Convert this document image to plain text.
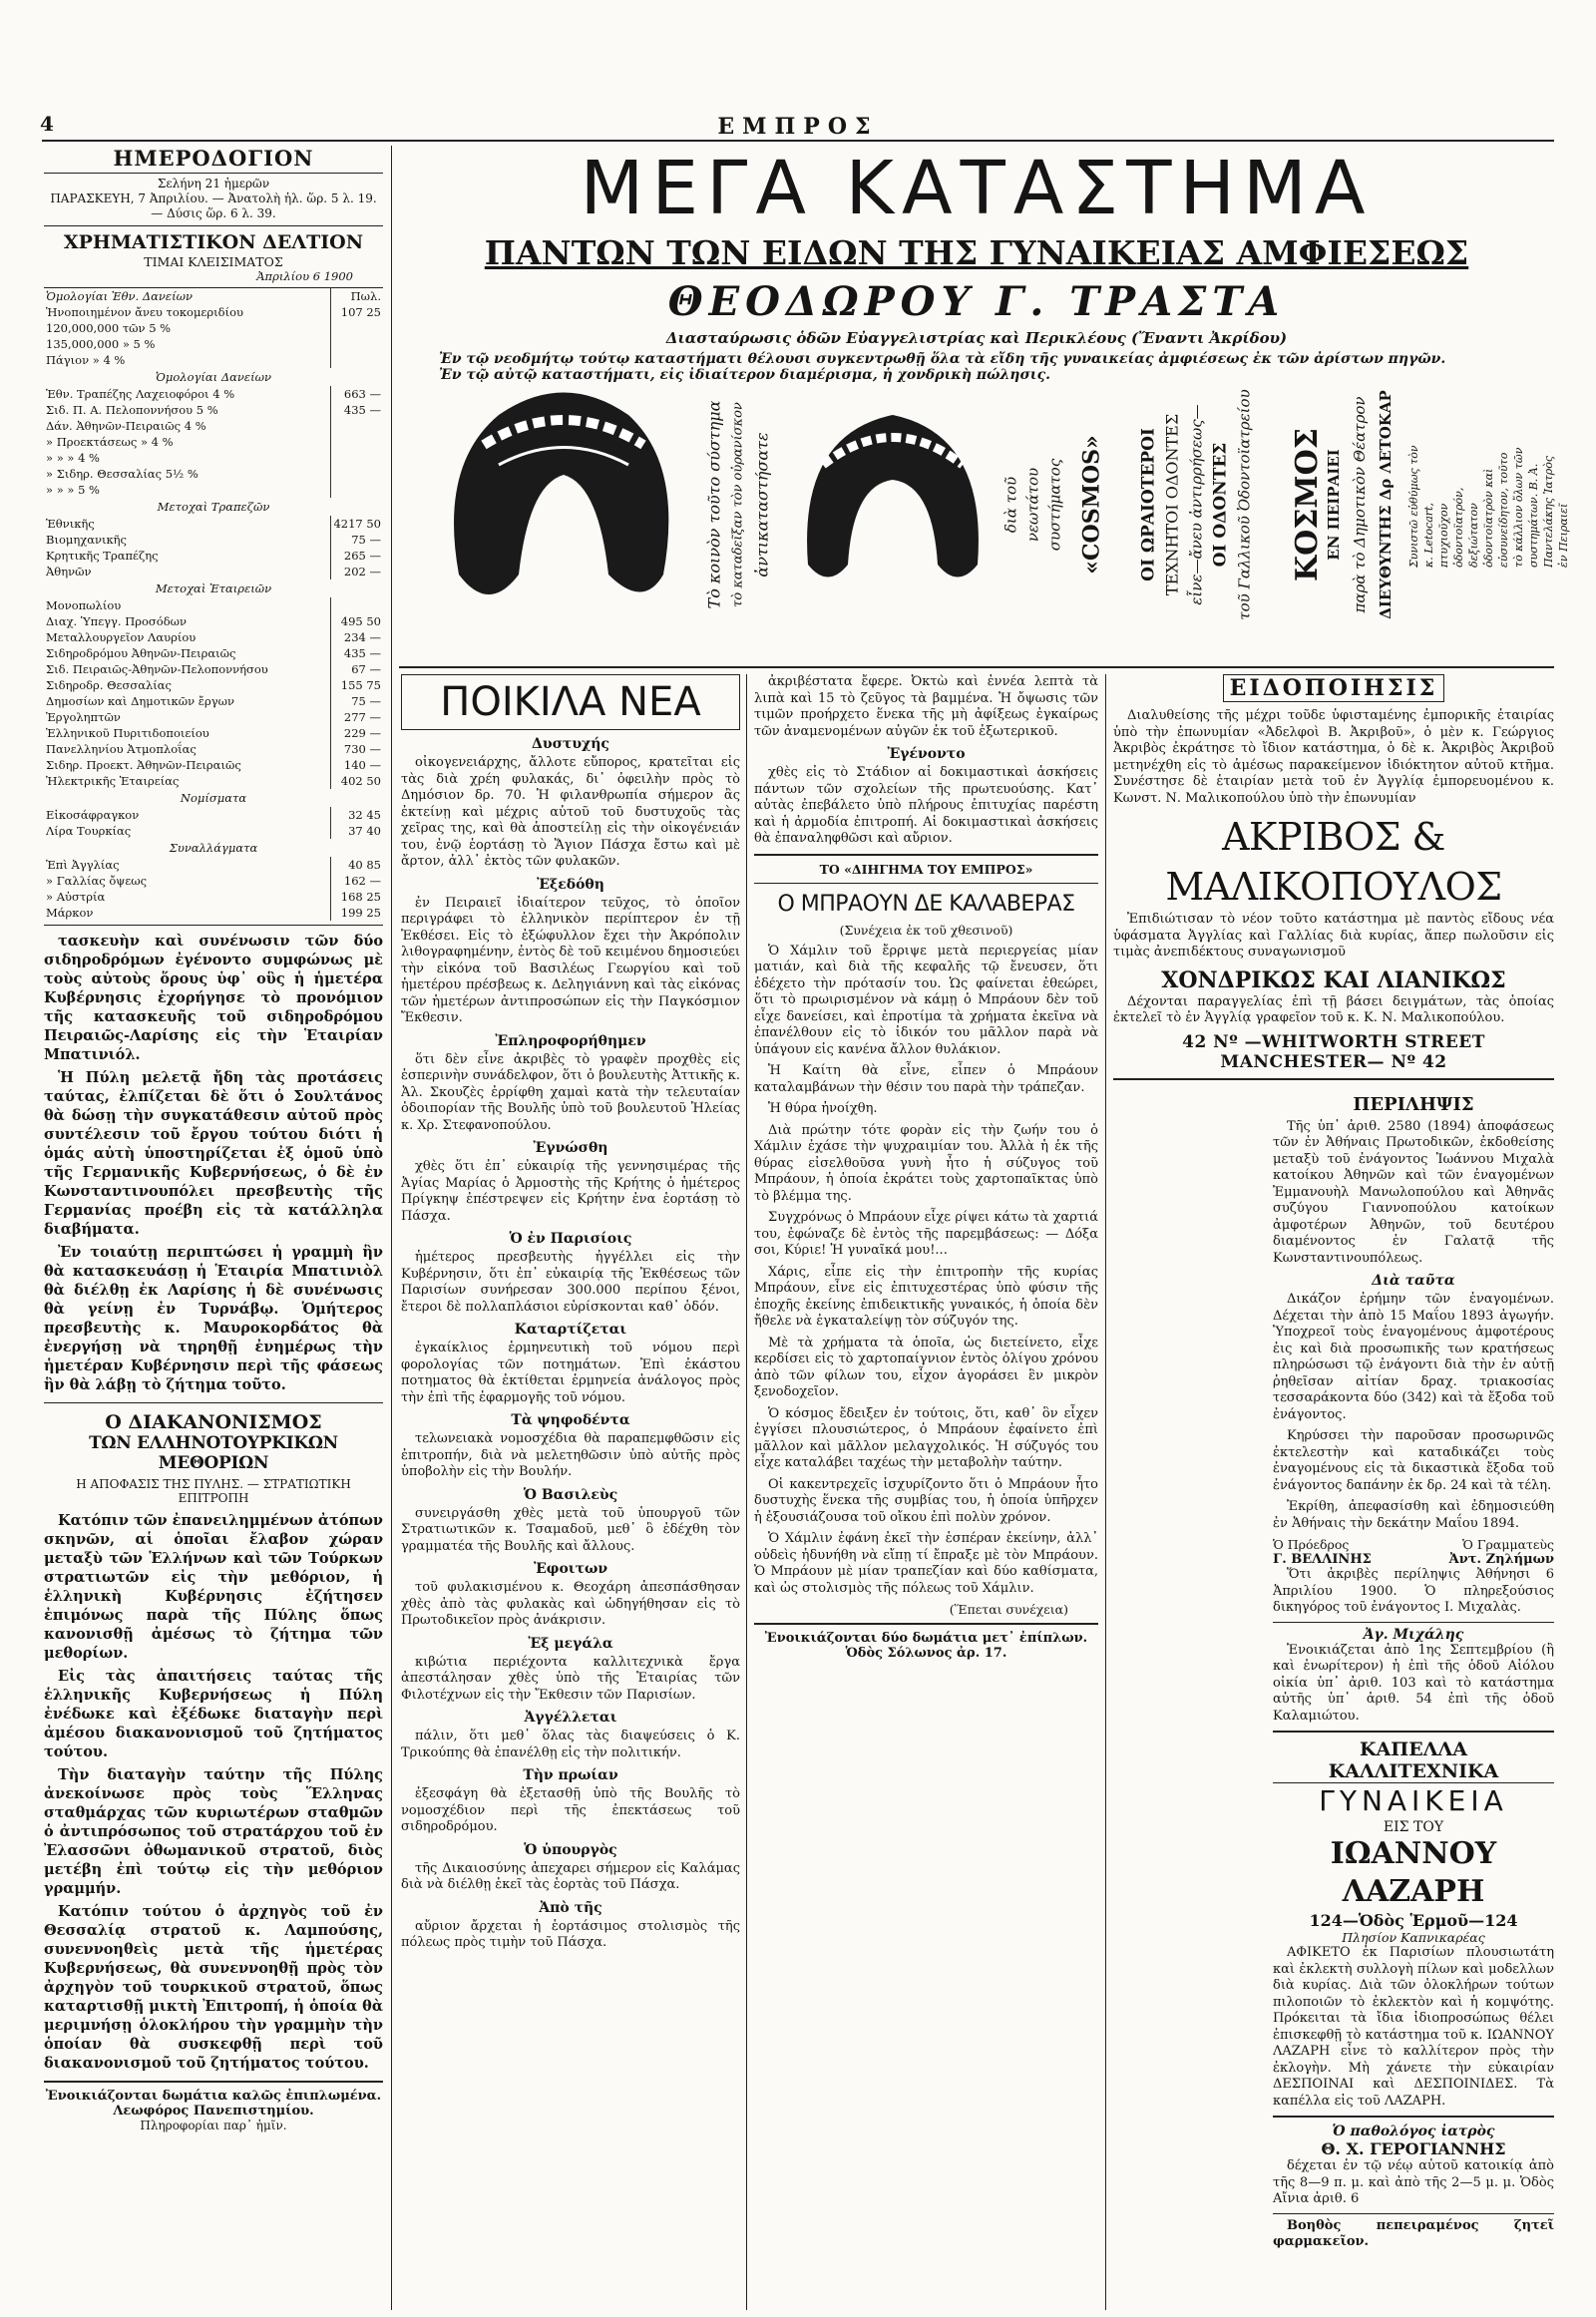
4	ΕΜΠΡΟΣ
ΗΜΕΡΟΔΟΓΙΟΝ
Σελήνη 21 ἡμερῶν
ΠΑΡΑΣΚΕΥΗ, 7 Ἀπριλίου. — Ἀνατολὴ ἡλ. ὥρ. 5 λ. 19. — Δύσις ὥρ. 6 λ. 39.
ΧΡΗΜΑΤΙΣΤΙΚΟΝ ΔΕΛΤΙΟΝ
ΤΙΜΑΙ ΚΛΕΙΣΙΜΑΤΟΣ
Ἀπριλίου 6 1900
Ὁμολογίαι Ἐθν. Δανείων	Πωλ.
Ἡνοποιημένον ἄνευ τοκομεριδίου	107 25
120,000,000 τῶν 5 %	
135,000,000 » 5 %	
Πάγιον » 4 %	
Ὁμολογίαι Δανείων
Ἐθν. Τραπέζης Λαχειοφόροι 4 %	663 —
Σιδ. Π. Α. Πελοποννήσου 5 %	435 —
Δάν. Ἀθηνῶν-Πειραιῶς 4 %	
» Προεκτάσεως » 4 %	
» » » 4 %	
» Σιδηρ. Θεσσαλίας 5½ %	
» » » 5 %	
Μετοχαὶ Τραπεζῶν
Ἐθνικῆς	4217 50
Βιομηχανικῆς	75 —
Κρητικῆς Τραπέζης	265 —
Ἀθηνῶν	202 —
Μετοχαὶ Ἑταιρειῶν
Μονοπωλίου	
Διαχ. Ὑπεγγ. Προσόδων	495 50
Μεταλλουργεῖον Λαυρίου	234 —
Σιδηροδρόμου Ἀθηνῶν-Πειραιῶς	435 —
Σιδ. Πειραιῶς-Ἀθηνῶν-Πελοποννήσου	67 —
Σιδηροδρ. Θεσσαλίας	155 75
Δημοσίων καὶ Δημοτικῶν ἔργων	75 —
Ἐργοληπτῶν	277 —
Ἑλληνικοῦ Πυριτιδοποιείου	229 —
Πανελληνίου Ἀτμοπλοΐας	730 —
Σιδηρ. Προεκτ. Ἀθηνῶν-Πειραιῶς	140 —
Ἠλεκτρικῆς Ἑταιρείας	402 50
Νομίσματα
Εἰκοσάφραγκον	32 45
Λίρα Τουρκίας	37 40
Συναλλάγματα
Ἐπὶ Ἀγγλίας	40 85
» Γαλλίας ὄψεως	162 —
» Αὐστρία	168 25
Μάρκον	199 25

τασκευὴν καὶ συνένωσιν τῶν δύο σιδηροδρόμων ἐγένοντο συμφώνως μὲ τοὺς αὐτοὺς ὅρους ὑφ᾽ οὓς ἡ ἡμετέρα Κυβέρνησις ἐχορήγησε τὸ προνόμιον τῆς κατασκευῆς τοῦ σιδηροδρόμου Πειραιῶς-Λαρίσης εἰς τὴν Ἑταιρίαν Μπατινιόλ.

Ἡ Πύλη μελετᾷ ἤδη τὰς προτάσεις ταύτας, ἐλπίζεται δὲ ὅτι ὁ Σουλτάνος θὰ δώσῃ τὴν συγκατάθεσιν αὐτοῦ πρὸς συντέλεσιν τοῦ ἔργου τούτου διότι ἡ ὁμάς αὐτὴ ὑποστηρίζεται ἐξ ὁμοῦ ὑπὸ τῆς Γερμανικῆς Κυβερνήσεως, ὁ δὲ ἐν Κωνσταντινουπόλει πρεσβευτὴς τῆς Γερμανίας προέβη εἰς τὰ κατάλληλα διαβήματα.

Ἐν τοιαύτῃ περιπτώσει ἡ γραμμὴ ἣν θὰ κατασκευάσῃ ἡ Ἑταιρία Μπατινιὸλ θὰ διέλθῃ ἐκ Λαρίσης ἡ δὲ συνένωσις θὰ γείνῃ ἐν Τυρνάβῳ. Ὁμήτερος πρεσβευτὴς κ. Μαυροκορδάτος θὰ ἐνεργήσῃ νὰ τηρηθῇ ἐνημέρως τὴν ἡμετέραν Κυβέρνησιν περὶ τῆς φάσεως ἣν θὰ λάβῃ τὸ ζήτημα τοῦτο.

Ο ΔΙΑΚΑΝΟΝΙΣΜΟΣ
ΤΩΝ ΕΛΛΗΝΟΤΟΥΡΚΙΚΩΝ ΜΕΘΟΡΙΩΝ
Η ΑΠΟΦΑΣΙΣ ΤΗΣ ΠΥΛΗΣ. — ΣΤΡΑΤΙΩΤΙΚΗ ΕΠΙΤΡΟΠΗ

Κατόπιν τῶν ἐπανειλημμένων ἀτόπων σκηνῶν, αἱ ὁποῖαι ἔλαβον χώραν μεταξὺ τῶν Ἑλλήνων καὶ τῶν Τούρκων στρατιωτῶν εἰς τὴν μεθόριον, ἡ ἑλληνικὴ Κυβέρνησις ἐζήτησεν ἐπιμόνως παρὰ τῆς Πύλης ὅπως κανονισθῇ ἀμέσως τὸ ζήτημα τῶν μεθορίων.

Εἰς τὰς ἀπαιτήσεις ταύτας τῆς ἑλληνικῆς Κυβερνήσεως ἡ Πύλη ἐνέδωκε καὶ ἐξέδωκε διαταγὴν περὶ ἀμέσου διακανονισμοῦ τοῦ ζητήματος τούτου.

Τὴν διαταγὴν ταύτην τῆς Πύλης ἀνεκοίνωσε πρὸς τοὺς Ἕλληνας σταθμάρχας τῶν κυριωτέρων σταθμῶν ὁ ἀντιπρόσωπος τοῦ στρατάρχου τοῦ ἐν Ἐλασσῶνι ὀθωμανικοῦ στρατοῦ, διὸς μετέβη ἐπὶ τούτῳ εἰς τὴν μεθόριον γραμμήν.

Κατόπιν τούτου ὁ ἀρχηγὸς τοῦ ἐν Θεσσαλίᾳ στρατοῦ κ. Λαμπούσης, συνεννοηθεὶς μετὰ τῆς ἡμετέρας Κυβερνήσεως, θὰ συνεννοηθῇ πρὸς τὸν ἀρχηγὸν τοῦ τουρκικοῦ στρατοῦ, ὅπως καταρτισθῇ μικτὴ Ἐπιτροπή, ἡ ὁποία θὰ μεριμνήσῃ ὁλοκλήρου τὴν γραμμὴν τὴν ὁποίαν θὰ συσκεφθῇ περὶ τοῦ διακανονισμοῦ τοῦ ζητήματος τούτου.

Ἐνοικιάζονται δωμάτια καλῶς ἐπιπλωμένα. Λεωφόρος Πανεπιστημίου.
Πληροφορίαι παρ᾽ ἡμῖν.
ΜΕΓΑ ΚΑΤΑΣΤΗΜΑ
ΠΑΝΤΩΝ ΤΩΝ ΕΙΔΩΝ ΤΗΣ ΓΥΝΑΙΚΕΙΑΣ ΑΜΦΙΕΣΕΩΣ
ΘΕΟΔΩΡΟΥ Γ. ΤΡΑΣΤΑ
Διασταύρωσις ὁδῶν Εὐαγγελιστρίας καὶ Περικλέους (Ἔναντι Ἀκρίδου)
Ἐν τῷ νεοδμήτῳ τούτῳ καταστήματι θέλουσι συγκεντρωθῇ ὅλα τὰ εἴδη τῆς γυναικείας ἀμφιέσεως ἐκ τῶν ἀρίστων πηγῶν.
Ἐν τῷ αὐτῷ καταστήματι, εἰς ἰδιαίτερον διαμέρισμα, ἡ χονδρικὴ πώλησις.
Τὸ κοινὸν τοῦτο σύστημα τὸ καταδεῖξαν τὸν οὐρανίσκον ἀντικαταστήσατε	διὰ τοῦ νεωτάτου συστήματος «COSMOS» ΟΙ ΩΡΑΙΟΤΕΡΟΙ ΤΕΧΝΗΤΟΙ ΟΔΟΝΤΕΣ εἶνε—ἄνευ ἀντιρρήσεως— ΟΙ ΟΔΟΝΤΕΣ τοῦ Γαλλικοῦ Ὀδοντοϊατρείου ΚΟΣΜΟΣ ΕΝ ΠΕΙΡΑΙΕΙ παρὰ τὸ Δημοτικὸν Θέατρον ΔΙΕΥΘΥΝΤΗΣ Δρ ΛΕΤΟΚΑΡ	Συνιστῶ εὐθύμως τὸν κ. Letocart, πτυχιοῦχον ὀδοντοϊατρόν, δεξιώτατον ὀδοντοϊατρὸν καὶ εὐσυνείδητον, τοῦτο τὸ κάλλιον ὅλων τῶν συστημάτων. Β. Ἀ. Παντελάκης Ἰατρὸς ἐν Πειραιεῖ
ΠΟΙΚΙΛΑ ΝΕΑ
Δυστυχής

οἰκογενειάρχης, ἄλλοτε εὔπορος, κρατεῖται εἰς τὰς διὰ χρέη φυλακάς, δι᾽ ὀφειλὴν πρὸς τὸ Δημόσιον δρ. 70. Ἡ φιλανθρωπία σήμερον ἂς ἐκτείνῃ καὶ μέχρις αὐτοῦ τοῦ δυστυχοῦς τὰς χεῖρας της, καὶ θὰ ἀποστείλῃ εἰς τὴν οἰκογένειάν του, ἐνῷ ἑορτάσῃ τὸ Ἅγιον Πάσχα ἔστω καὶ μὲ ἄρτον, ἀλλ᾽ ἐκτὸς τῶν φυλακῶν.

Ἐξεδόθη

ἐν Πειραιεῖ ἰδιαίτερον τεῦχος, τὸ ὁποῖον περιγράφει τὸ ἑλληνικὸν περίπτερον ἐν τῇ Ἐκθέσει. Εἰς τὸ ἐξώφυλλον ἔχει τὴν Ἀκρόπολιν λιθογραφημένην, ἐντὸς δὲ τοῦ κειμένου δημοσιεύει τὴν εἰκόνα τοῦ Βασιλέως Γεωργίου καὶ τοῦ ἡμετέρου πρέσβεως κ. Δεληγιάννη καὶ τὰς εἰκόνας τῶν ἡμετέρων ἀντιπροσώπων εἰς τὴν Παγκόσμιον Ἔκθεσιν.

Ἐπληροφορήθημεν

ὅτι δὲν εἶνε ἀκριβὲς τὸ γραφὲν προχθὲς εἰς ἑσπερινὴν συνάδελφον, ὅτι ὁ βουλευτὴς Ἀττικῆς κ. Ἀλ. Σκουζὲς ἐρρίφθη χαμαὶ κατὰ τὴν τελευταίαν ὁδοιπορίαν τῆς Βουλῆς ὑπὸ τοῦ βουλευτοῦ Ἠλείας κ. Χρ. Στεφανοπούλου.

Ἐγνώσθη

χθὲς ὅτι ἐπ᾽ εὐκαιρίᾳ τῆς γεννησιμέρας τῆς Ἀγίας Μαρίας ὁ Ἀρμοστὴς τῆς Κρήτης ὁ ἡμέτερος Πρίγκηψ ἐπέστρεψεν εἰς Κρήτην ἐνα ἑορτάσῃ τὸ Πάσχα.

Ὁ ἐν Παρισίοις

ἡμέτερος πρεσβευτὴς ἠγγέλλει εἰς τὴν Κυβέρνησιν, ὅτι ἐπ᾽ εὐκαιρίᾳ τῆς Ἐκθέσεως τῶν Παρισίων συνήρεσαν 300.000 περίπου ξένοι, ἔτεροι δὲ πολλαπλάσιοι εὑρίσκονται καθ᾽ ὁδόν.

Καταρτίζεται

ἐγκαίκλιος ἑρμηνευτικὴ τοῦ νόμου περὶ φορολογίας τῶν ποτημάτων. Ἐπὶ ἐκάστου ποτηματος θὰ ἐκτίθεται ἑρμηνεία ἀνάλογος πρὸς τὴν ἐπὶ τῆς ἐφαρμογῆς τοῦ νόμου.

Τὰ ψηφοδέντα

τελωνειακὰ νομοσχέδια θὰ παραπεμφθῶσιν εἰς ἐπιτροπήν, διὰ νὰ μελετηθῶσιν ὑπὸ αὐτῆς πρὸς ὑποβολὴν εἰς τὴν Βουλήν.

Ὁ Βασιλεὺς

συνειργάσθη χθὲς μετὰ τοῦ ὑπουργοῦ τῶν Στρατιωτικῶν κ. Τσαμαδοῦ, μεθ᾽ ὃ ἐδέχθη τὸν γραμματέα τῆς Βουλῆς καὶ ἄλλους.

Ἐφοιτων

τοῦ φυλακισμένου κ. Θεοχάρη ἀπεσπάσθησαν χθὲς ἀπὸ τὰς φυλακὰς καὶ ὡδηγήθησαν εἰς τὸ Πρωτοδικεῖον πρὸς ἀνάκρισιν.

Ἐξ μεγάλα

κιβώτια περιέχοντα καλλιτεχνικὰ ἔργα ἀπεστάλησαν χθὲς ὑπὸ τῆς Ἑταιρίας τῶν Φιλοτέχνων εἰς τὴν Ἔκθεσιν τῶν Παρισίων.

Ἀγγέλλεται

πάλιν, ὅτι μεθ᾽ ὅλας τὰς διαψεύσεις ὁ Κ. Τρικούπης θὰ ἐπανέλθῃ εἰς τὴν πολιτικήν.

Τὴν πρωίαν

ἐξεσφάγη θὰ ἐξετασθῇ ὑπὸ τῆς Βουλῆς τὸ νομοσχέδιον περὶ τῆς ἐπεκτάσεως τοῦ σιδηροδρόμου.

Ὁ ὑπουργὸς

τῆς Δικαιοσύνης ἀπεχαρει σήμερον εἰς Καλάμας διὰ νὰ διέλθῃ ἐκεῖ τὰς ἑορτὰς τοῦ Πάσχα.

Ἀπὸ τῆς

αὔριον ἄρχεται ἡ ἑορτάσιμος στολισμὸς τῆς πόλεως πρὸς τιμὴν τοῦ Πάσχα.

ἀκριβέστατα ἔφερε. Ὀκτὼ καὶ ἐννέα λεπτὰ τὰ λιπὰ καὶ 15 τὸ ζεῦγος τὰ βαμμένα. Ἡ ὄψωσις τῶν τιμῶν προήρχετο ἕνεκα τῆς μὴ ἀφίξεως ἐγκαίρως τῶν ἀναμενομένων αὐγῶν ἐκ τοῦ ἐξωτερικοῦ.

Ἐγένοντο

χθὲς εἰς τὸ Στάδιον αἱ δοκιμαστικαὶ ἀσκήσεις πάντων τῶν σχολείων τῆς πρωτευούσης. Κατ᾽ αὐτὰς ἐπεβάλετο ὑπὸ πλήρους ἐπιτυχίας παρέστη καὶ ἡ ἀρμοδία ἐπιτροπή. Αἱ δοκιμαστικαὶ ἀσκήσεις θὰ ἐπαναληφθῶσι καὶ αὔριον.

ΤΟ «ΔΙΗΓΗΜΑ ΤΟΥ ΕΜΠΡΟΣ»
Ο ΜΠΡΑΟΥΝ ΔΕ ΚΑΛΑΒΕΡΑΣ
(Συνέχεια ἐκ τοῦ χθεσινοῦ)

Ὁ Χάμλιν τοῦ ἔρριψε μετὰ περιεργείας μίαν ματιάν, καὶ διὰ τῆς κεφαλῆς τῷ ἔνευσεν, ὅτι ἐδέχετο τὴν πρότασίν του. Ὡς φαίνεται ἐθεώρει, ὅτι τὸ πρωιρισμένον νὰ κάμῃ ὁ Μπράουν δὲν τοῦ εἶχε δανείσει, καὶ ἐπροτίμα τὰ χρήματα ἐκεῖνα νὰ ἐπανέλθουν εἰς τὸ ἰδικόν του μᾶλλον παρὰ νὰ ὑπάγουν εἰς κανένα ἄλλον θυλάκιον.

Ἡ Καίτη θὰ εἶνε, εἶπεν ὁ Μπράουν καταλαμβάνων τὴν θέσιν του παρὰ τὴν τράπεζαν.

Ἡ θύρα ἠνοίχθη.

Διὰ πρώτην τότε φορὰν εἰς τὴν ζωήν του ὁ Χάμλιν ἐχάσε τὴν ψυχραιμίαν του. Ἀλλὰ ἡ ἐκ τῆς θύρας εἰσελθοῦσα γυνὴ ἦτο ἡ σύζυγος τοῦ Μπράουν, ἡ ὁποία ἐκράτει τοὺς χαρτοπαῖκτας ὑπὸ τὸ βλέμμα της.

Συγχρόνως ὁ Μπράουν εἶχε ρίψει κάτω τὰ χαρτιά του, ἐφώναζε δὲ ἐντὸς τῆς παρεμβάσεως: — Δόξα σοι, Κύριε! Ἡ γυναῖκά μου!...

Χάρις, εἶπε εἰς τὴν ἐπιτροπὴν τῆς κυρίας Μπράουν, εἶνε εἰς ἐπιτυχεστέρας ὑπὸ φύσιν τῆς ἐποχῆς ἐκείνης ἐπιδεικτικῆς γυναικός, ἡ ὁποία δὲν ἤθελε νὰ ἐγκαταλείψῃ τὸν σύζυγόν της.

Μὲ τὰ χρήματα τὰ ὁποῖα, ὡς διετείνετο, εἶχε κερδίσει εἰς τὸ χαρτοπαίγνιον ἐντὸς ὀλίγου χρόνου ἀπὸ τῶν φίλων του, εἶχον ἀγοράσει ἓν μικρὸν ξενοδοχεῖον.

Ὁ κόσμος ἔδειξεν ἐν τούτοις, ὅτι, καθ᾽ ὃν εἶχεν ἐγγίσει πλουσιώτερος, ὁ Μπράουν ἐφαίνετο ἐπὶ μᾶλλον καὶ μᾶλλον μελαγχολικός. Ἡ σύζυγός του εἶχε καταλάβει ταχέως τὴν μεταβολὴν ταύτην.

Οἱ κακεντρεχεῖς ἰσχυρίζοντο ὅτι ὁ Μπράουν ἦτο δυστυχὴς ἕνεκα τῆς συμβίας του, ἡ ὁποία ὑπῆρχεν ἡ ἐξουσιάζουσα τοῦ οἴκου ἐπὶ πολὺν χρόνον.

Ὁ Χάμλιν ἐφάνη ἐκεῖ τὴν ἑσπέραν ἐκείνην, ἀλλ᾽ οὐδεὶς ἠδυνήθη νὰ εἴπῃ τί ἔπραξε μὲ τὸν Μπράουν. Ὁ Μπράουν μὲ μίαν τραπεζίαν καὶ δύο καθίσματα, καὶ ὡς στολισμὸς τῆς πόλεως τοῦ Χάμλιν.

(Ἕπεται συνέχεια)
Ἐνοικιάζονται δύο δωμάτια μετ᾽ ἐπίπλων. Ὁδὸς Σόλωνος ἀρ. 17.
ΕΙΔΟΠΟΙΗΣΙΣ

Διαλυθείσης τῆς μέχρι τοῦδε ὑφισταμένης ἐμπορικῆς ἑταιρίας ὑπὸ τὴν ἐπωνυμίαν «Ἀδελφοὶ Β. Ἀκριβοῦ», ὁ μὲν κ. Γεώργιος Ἀκριβὸς ἐκράτησε τὸ ἴδιον κατάστημα, ὁ δὲ κ. Ἀκριβὸς Ἀκριβοῦ μετηνέχθη εἰς τὸ ἀμέσως παρακείμενον ἰδιόκτητον αὐτοῦ κτῆμα. Συνέστησε δὲ ἑταιρίαν μετὰ τοῦ ἐν Ἀγγλίᾳ ἐμπορευομένου κ. Κωνστ. Ν. Μαλικοπούλου ὑπὸ τὴν ἐπωνυμίαν

ΑΚΡΙΒΟΣ & ΜΑΛΙΚΟΠΟΥΛΟΣ

Ἐπιδιώτισαν τὸ νέον τοῦτο κατάστημα μὲ παντὸς εἴδους νέα ὑφάσματα Ἀγγλίας καὶ Γαλλίας διὰ κυρίας, ἅπερ πωλοῦσιν εἰς τιμὰς ἀνεπιδέκτους συναγωνισμοῦ

ΧΟΝΔΡΙΚΩΣ ΚΑΙ ΛΙΑΝΙΚΩΣ

Δέχονται παραγγελίας ἐπὶ τῇ βάσει δειγμάτων, τὰς ὁποίας ἐκτελεῖ τὸ ἐν Ἀγγλίᾳ γραφεῖον τοῦ κ. Κ. Ν. Μαλικοπούλου.

42 Nº —WHITWORTH STREET MANCHESTER— Nº 42
ΠΕΡΙΛΗΨΙΣ

Τῆς ὑπ᾽ ἀριθ. 2580 (1894) ἀποφάσεως τῶν ἐν Ἀθήναις Πρωτοδικῶν, ἐκδοθείσης μεταξὺ τοῦ ἐνάγοντος Ἰωάννου Μιχαλὰ κατοίκου Ἀθηνῶν καὶ τῶν ἐναγομένων Ἐμμανουὴλ Μανωλοπούλου καὶ Ἀθηνᾶς συζύγου Γιαννοπούλου κατοίκων ἀμφοτέρων Ἀθηνῶν, τοῦ δευτέρου διαμένοντος ἐν Γαλατᾷ τῆς Κωνσταντινουπόλεως.

Διὰ ταῦτα

Δικάζον ἐρήμην τῶν ἐναγομένων. Δέχεται τὴν ἀπὸ 15 Μαΐου 1893 ἀγωγήν. Ὑποχρεοῖ τοὺς ἐναγομένους ἀμφοτέρους ἐις καὶ διὰ προσωπικῆς των κρατήσεως πληρώσωσι τῷ ἐνάγοντι διὰ τὴν ἐν αὐτῇ ῥηθεῖσαν αἰτίαν δραχ. τριακοσίας τεσσαράκοντα δύο (342) καὶ τὰ ἔξοδα τοῦ ἐνάγοντος.

Κηρύσσει τὴν παροῦσαν προσωρινῶς ἐκτελεστὴν καὶ καταδικάζει τοὺς ἐναγομένους εἰς τὰ δικαστικὰ ἔξοδα τοῦ ἐνάγοντος δαπάνην ἐκ δρ. 24 καὶ τὰ τέλη.

Ἐκρίθη, ἀπεφασίσθη καὶ ἐδημοσιεύθη ἐν Ἀθήναις τὴν δεκάτην Μαΐου 1894.

Ὁ Πρόεδρος	Ὁ Γραμματεὺς
Γ. ΒΕΛΛΙΝΗΣ	Ἀντ. Ζηλήμων

Ὅτι ἀκριβὲς περίληψις Ἀθήνησι 6 Ἀπριλίου 1900. Ὁ πληρεξούσιος δικηγόρος τοῦ ἐνάγοντος Ι. Μιχαλὰς.

Ἀγ. Μιχάλης

Ἐνοικιάζεται ἀπὸ 1ης Σεπτεμβρίου (ἢ καὶ ἐνωρίτερον) ἡ ἐπὶ τῆς ὁδοῦ Αἰόλου οἰκία ὑπ᾽ ἀριθ. 103 καὶ τὸ κατάστημα αὐτῆς ὑπ᾽ ἀριθ. 54 ἐπὶ τῆς ὁδοῦ Καλαμιώτου.

ΚΑΠΕΛΛΑ ΚΑΛΛΙΤΕΧΝΙΚΑ
ΓΥΝΑΙΚΕΙΑ
ΕΙΣ ΤΟΥ
ΙΩΑΝΝΟΥ ΛΑΖΑΡΗ
124—Ὁδὸς Ἑρμοῦ—124
Πλησίον Καπνικαρέας

ΑΦΙΚΕΤΟ ἐκ Παρισίων πλουσιωτάτη καὶ ἐκλεκτὴ συλλογὴ πίλων καὶ μοδελλων διὰ κυρίας. Διὰ τῶν ὁλοκλήρων τούτων πιλοποιῶν τὸ ἐκλεκτὸν καὶ ἡ κομψότης. Πρόκειται τὰ ἴδια ἰδιοπροσώπως θέλει ἐπισκεφθῇ τὸ κατάστημα τοῦ κ. ΙΩΑΝΝΟΥ ΛΑΖΑΡΗ εἶνε τὸ καλλίτερον πρὸς τὴν ἐκλογὴν. Μὴ χάνετε τὴν εὐκαιρίαν ΔΕΣΠΟΙΝΑΙ καὶ ΔΕΣΠΟΙΝΙΔΕΣ. Τὰ καπέλλα εἰς τοῦ ΛΑΖΑΡΗ.

Ὁ παθολόγος ἰατρὸς
Θ. Χ. ΓΕΡΟΓΙΑΝΝΗΣ

δέχεται ἐν τῷ νέῳ αὐτοῦ κατοικίᾳ ἀπὸ τῆς 8—9 π. μ. καὶ ἀπὸ τῆς 2—5 μ. μ. Ὁδὸς Αἴνια ἀριθ. 6

Βοηθὸς πεπειραμένος ζητεῖ φαρμακεῖον.
